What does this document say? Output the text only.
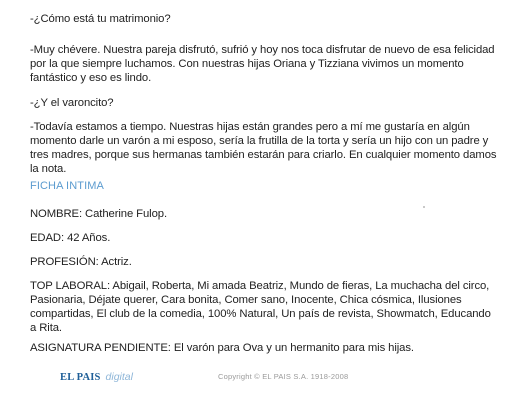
-¿Cómo está tu matrimonio?

-Muy chévere. Nuestra pareja disfrutó, sufrió y hoy nos toca disfrutar de nuevo de esa felicidad por la que siempre luchamos. Con nuestras hijas Oriana y Tizziana vivimos un momento fantástico y eso es lindo.

-¿Y el varoncito?

-Todavía estamos a tiempo. Nuestras hijas están grandes pero a mí me gustaría en algún momento darle un varón a mi esposo, sería la frutilla de la torta y sería un hijo con un padre y tres madres, porque sus hermanas también estarán para criarlo. En cualquier momento damos la nota.

FICHA INTIMA

NOMBRE: Catherine Fulop.

EDAD: 42 Años.

PROFESIÓN: Actriz.

TOP LABORAL: Abigail, Roberta, Mi amada Beatriz, Mundo de fieras, La muchacha del circo, Pasionaria, Déjate querer, Cara bonita, Comer sano, Inocente, Chica cósmica, Ilusiones compartidas, El club de la comedia, 100% Natural, Un país de revista, Showmatch, Educando a Rita.

ASIGNATURA PENDIENTE: El varón para Ova y un hermanito para mis hijas.

EL PAIS digital	Copyright © EL PAIS S.A. 1918-2008
